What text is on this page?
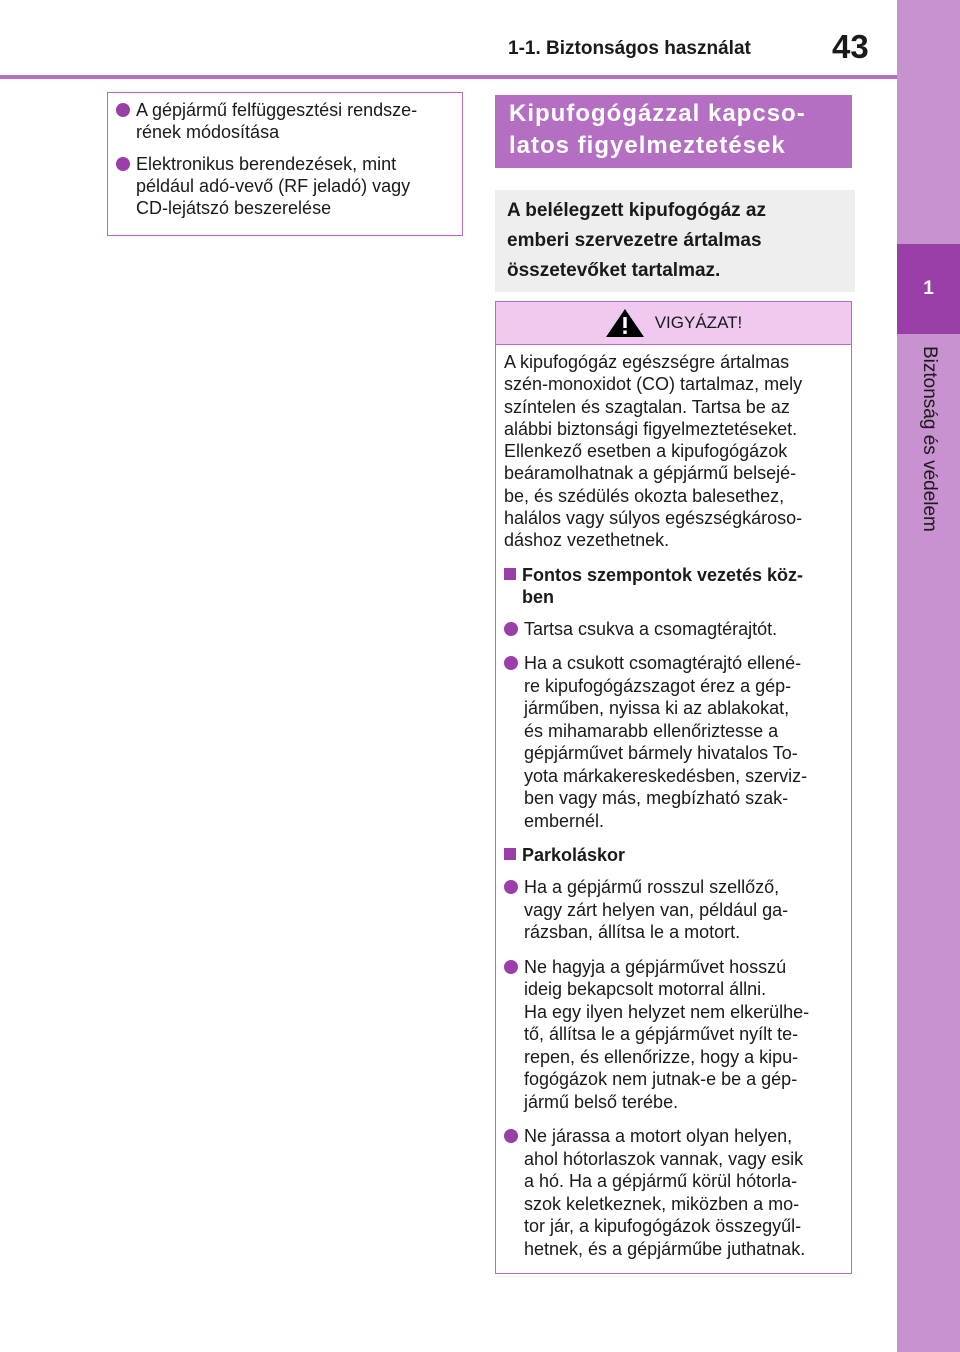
1-1. Biztonságos használat 43
1
Biztonság és védelem
A gépjármű felfüggesztési rendsze-
rének módosítása
Elektronikus berendezések, mint
például adó-vevő (RF jeladó) vagy
CD-lejátszó beszerelése
Kipufogógázzal kapcso-
latos figyelmeztetések
A belélegzett kipufogógáz az
emberi szervezetre ártalmas
összetevőket tartalmaz.
VIGYÁZAT!

A kipufogógáz egészségre ártalmas
szén-monoxidot (CO) tartalmaz, mely
színtelen és szagtalan. Tartsa be az
alábbi biztonsági figyelmeztetéseket.
Ellenkező esetben a kipufogógázok
beáramolhatnak a gépjármű belsejé-
be, és szédülés okozta balesethez,
halálos vagy súlyos egészségkároso-
dáshoz vezethetnek.

Fontos szempontok vezetés köz-
ben
Tartsa csukva a csomagtérajtót.
Ha a csukott csomagtérajtó ellené-
re kipufogógázszagot érez a gép-
járműben, nyissa ki az ablakokat,
és mihamarabb ellenőriztesse a
gépjárművet bármely hivatalos To-
yota márkakereskedésben, szerviz-
ben vagy más, megbízható szak-
embernél.
Parkoláskor
Ha a gépjármű rosszul szellőző,
vagy zárt helyen van, például ga-
rázsban, állítsa le a motort.
Ne hagyja a gépjárművet hosszú
ideig bekapcsolt motorral állni.
Ha egy ilyen helyzet nem elkerülhe-
tő, állítsa le a gépjárművet nyílt te-
repen, és ellenőrizze, hogy a kipu-
fogógázok nem jutnak-e be a gép-
jármű belső terébe.
Ne járassa a motort olyan helyen,
ahol hótorlaszok vannak, vagy esik
a hó. Ha a gépjármű körül hótorla-
szok keletkeznek, miközben a mo-
tor jár, a kipufogógázok összegyűl-
hetnek, és a gépjárműbe juthatnak.
